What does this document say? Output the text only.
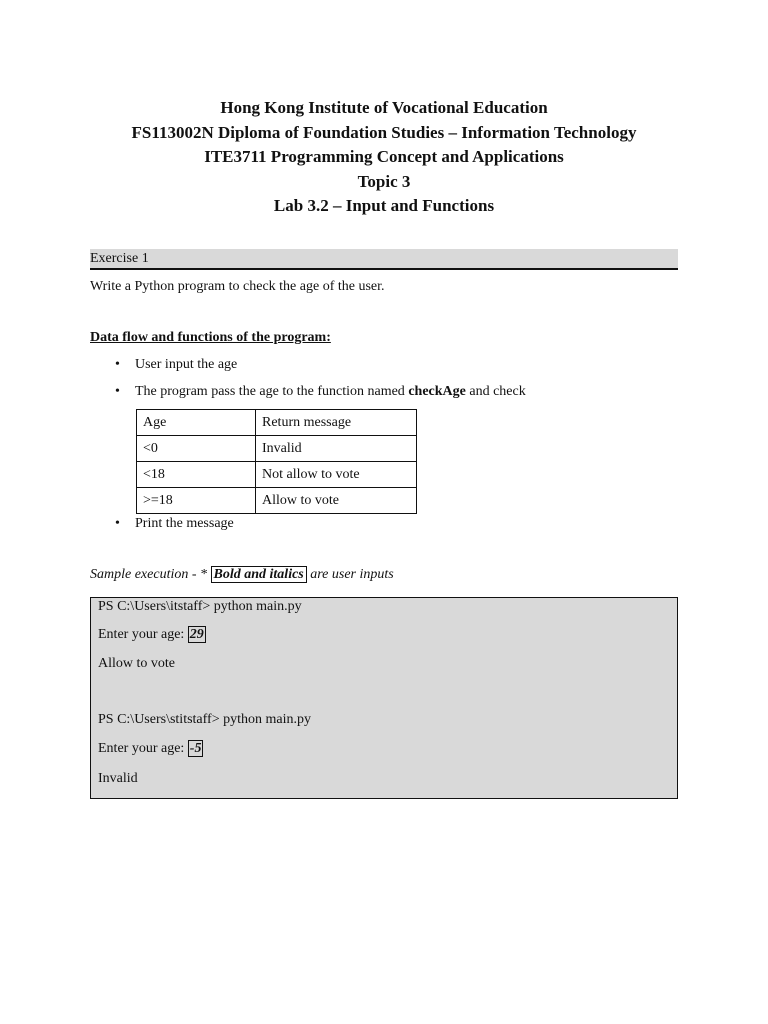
Hong Kong Institute of Vocational Education
FS113002N Diploma of Foundation Studies – Information Technology
ITE3711 Programming Concept and Applications
Topic 3
Lab 3.2 – Input and Functions
Exercise 1
Write a Python program to check the age of the user.
Data flow and functions of the program:
• User input the age
• The program pass the age to the function named checkAge and check
Age	Return message
<0	Invalid
<18	Not allow to vote
>=18	Allow to vote
• Print the message
Sample execution - * Bold and italics are user inputs
PS C:\Users\itstaff> python main.py
Enter your age: 29
Allow to vote
PS C:\Users\stitstaff> python main.py
Enter your age: -5
Invalid
